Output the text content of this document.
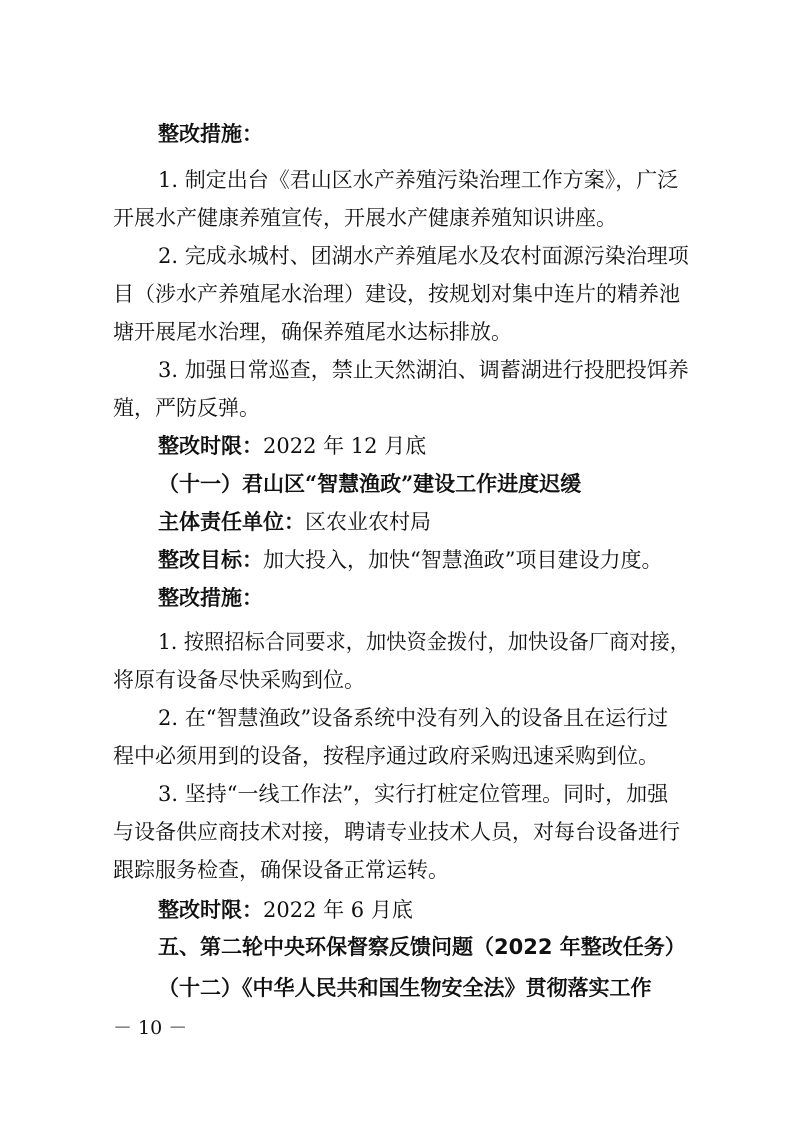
整改措施：
1. 制定出台《君山区水产养殖污染治理工作方案》，广泛
开展水产健康养殖宣传，开展水产健康养殖知识讲座。
2. 完成永城村、团湖水产养殖尾水及农村面源污染治理项
目（涉水产养殖尾水治理）建设，按规划对集中连片的精养池
塘开展尾水治理，确保养殖尾水达标排放。
3. 加强日常巡查，禁止天然湖泊、调蓄湖进行投肥投饵养
殖，严防反弹。
整改时限： 2022 年 12 月底
（十一）君山区“智慧渔政”建设工作进度迟缓
主体责任单位： 区农业农村局
整改目标： 加大投入，加快“智慧渔政”项目建设力度。
整改措施：
1. 按照招标合同要求，加快资金拨付，加快设备厂商对接，
将原有设备尽快采购到位。
2. 在“智慧渔政”设备系统中没有列入的设备且在运行过
程中必须用到的设备，按程序通过政府采购迅速采购到位。
3. 坚持“一线工作法”，实行打桩定位管理。同时，加强
与设备供应商技术对接，聘请专业技术人员，对每台设备进行
跟踪服务检查，确保设备正常运转。
整改时限： 2022 年 6 月底
五、第二轮中央环保督察反馈问题（2022 年整改任务）
（十二）《中华人民共和国生物安全法》贯彻落实工作
－ 10 －
